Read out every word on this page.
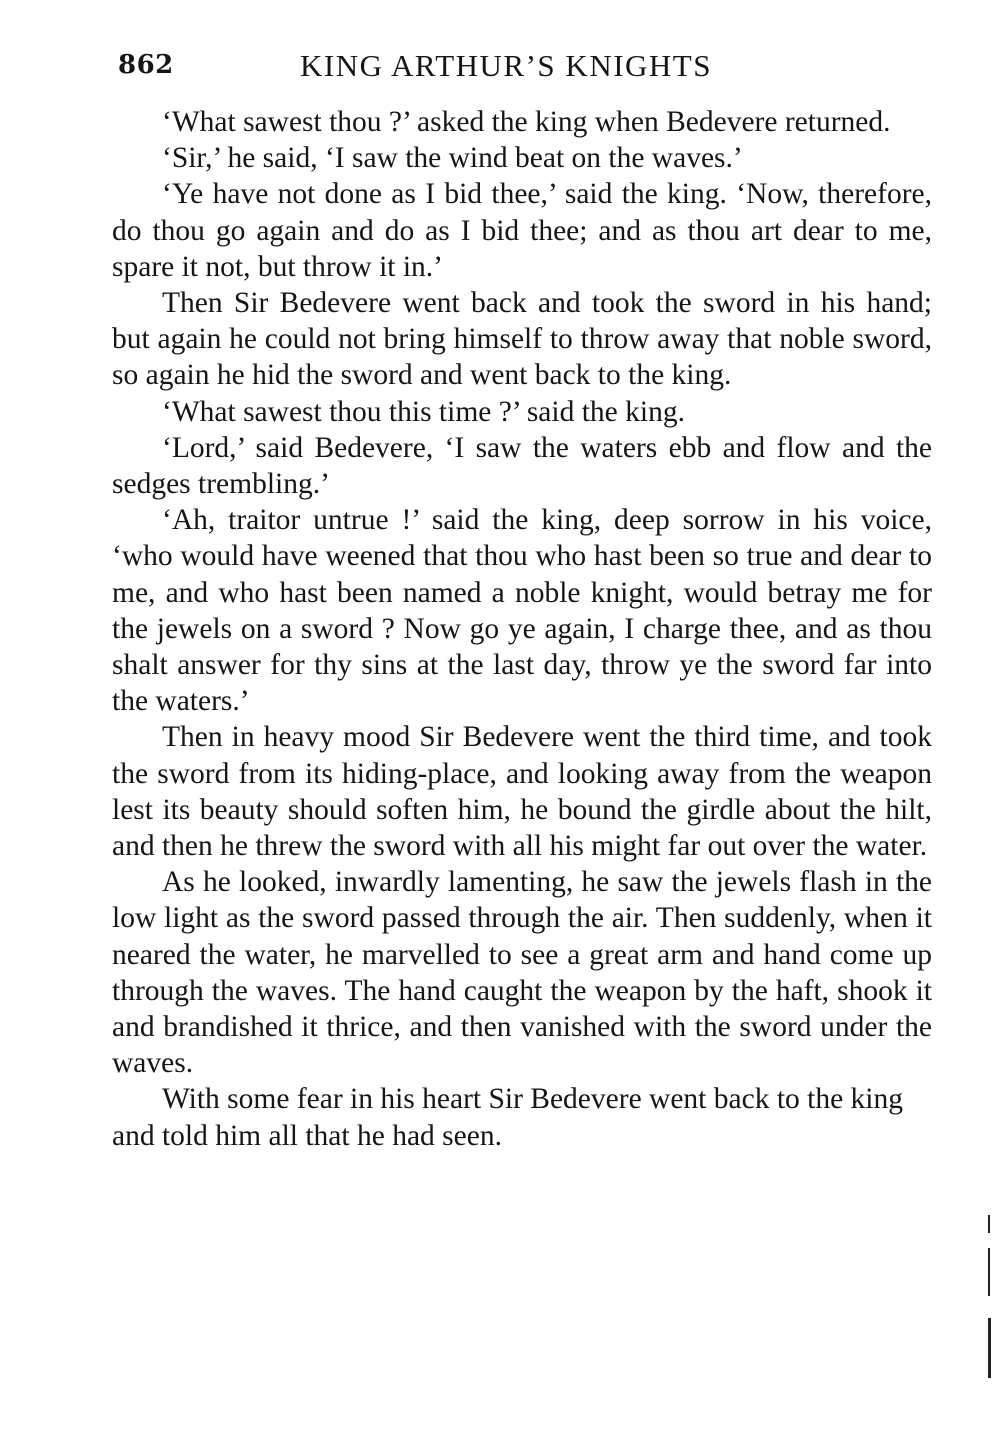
862	KING ARTHUR’S KNIGHTS

‘What sawest thou ?’ asked the king when Bedevere returned.

‘Sir,’ he said, ‘I saw the wind beat on the waves.’

‘Ye have not done as I bid thee,’ said the king. ‘Now, therefore, do thou go again and do as I bid thee; and as thou art dear to me, spare it not, but throw it in.’

Then Sir Bedevere went back and took the sword in his hand; but again he could not bring himself to throw away that noble sword, so again he hid the sword and went back to the king.

‘What sawest thou this time ?’ said the king.

‘Lord,’ said Bedevere, ‘I saw the waters ebb and flow and the sedges trembling.’

‘Ah, traitor untrue !’ said the king, deep sorrow in his voice, ‘who would have weened that thou who hast been so true and dear to me, and who hast been named a noble knight, would betray me for the jewels on a sword ? Now go ye again, I charge thee, and as thou shalt answer for thy sins at the last day, throw ye the sword far into the waters.’

Then in heavy mood Sir Bedevere went the third time, and took the sword from its hiding-place, and looking away from the weapon lest its beauty should soften him, he bound the girdle about the hilt, and then he threw the sword with all his might far out over the water.

As he looked, inwardly lamenting, he saw the jewels flash in the low light as the sword passed through the air. Then suddenly, when it neared the water, he marvelled to see a great arm and hand come up through the waves. The hand caught the weapon by the haft, shook it and brandished it thrice, and then vanished with the sword under the waves.

With some fear in his heart Sir Bedevere went back to the king and told him all that he had seen.
